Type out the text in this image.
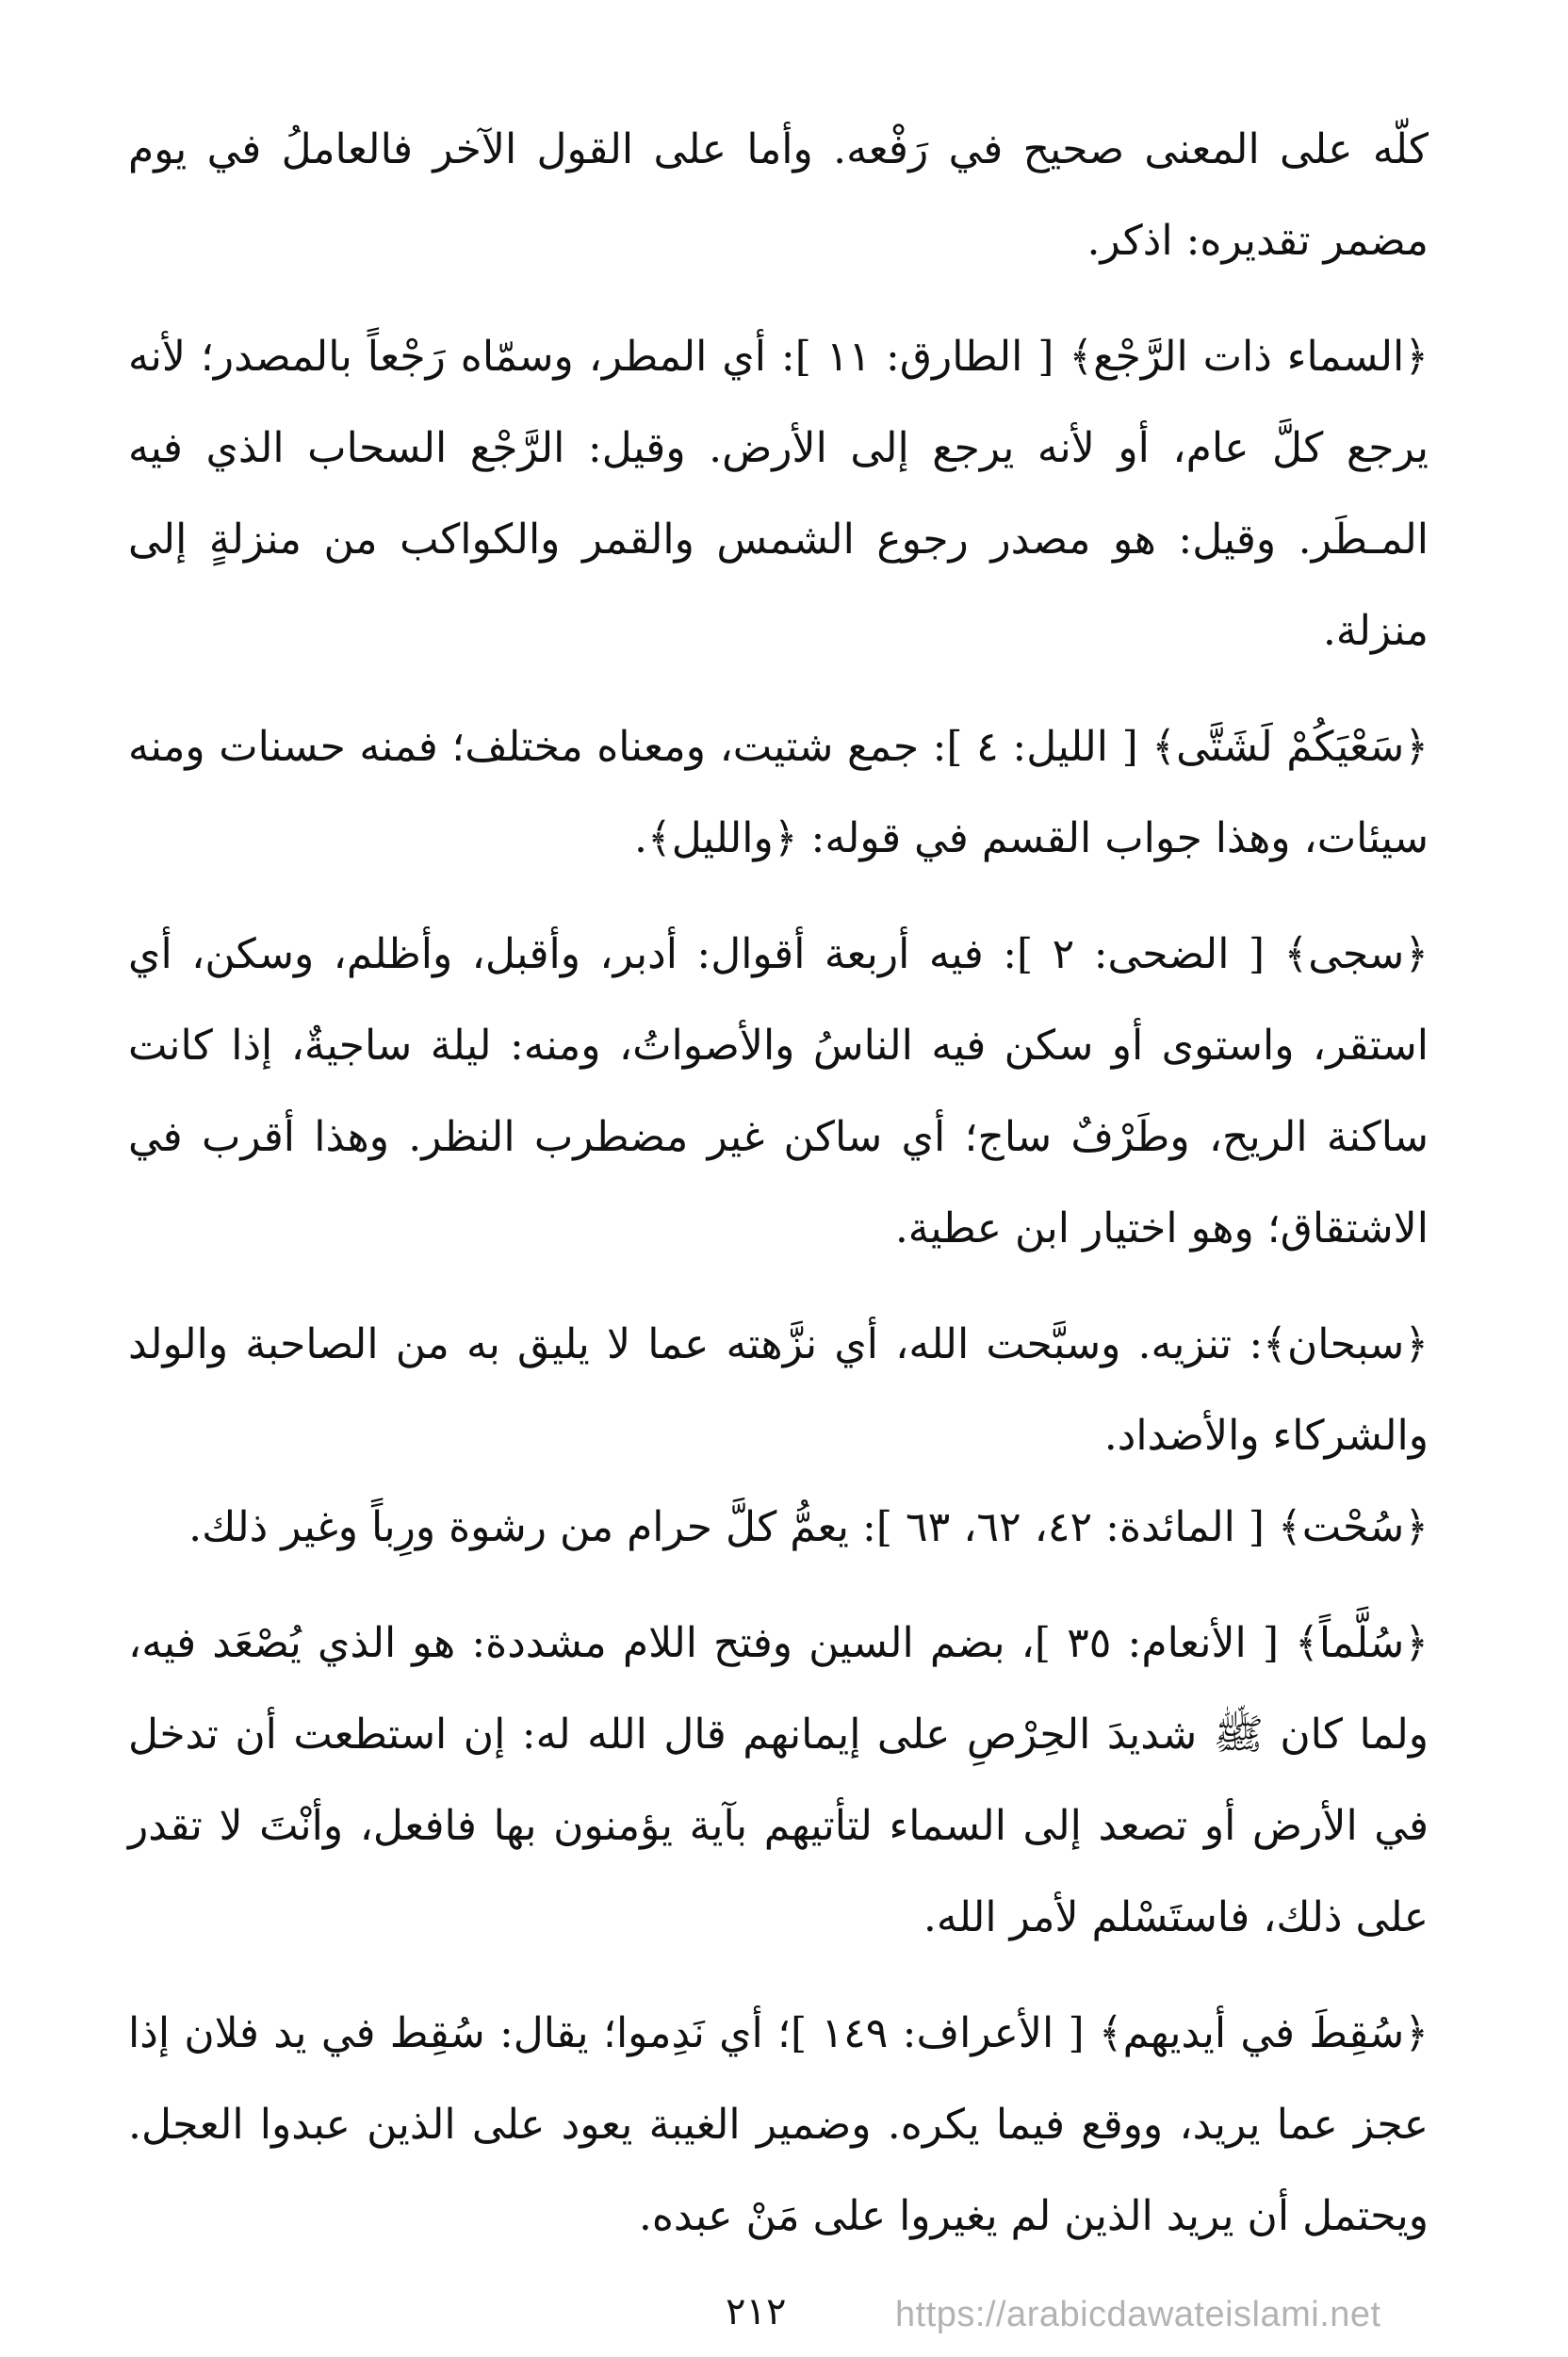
كلّه على المعنى صحيح في رَفْعه. وأما على القول الآخر فالعاملُ في يوم مضمر تقديره: اذكر.

﴿السماء ذات الرَّجْع﴾ [ الطارق: ١١ ]: أي المطر، وسمّاه رَجْعاً بالمصدر؛ لأنه يرجع كلَّ عام، أو لأنه يرجع إلى الأرض. وقيل: الرَّجْع السحاب الذي فيه المـطَر. وقيل: هو مصدر رجوع الشمس والقمر والكواكب من منزلةٍ إلى منزلة.

﴿سَعْيَكُمْ لَشَتَّى﴾ [ الليل: ٤ ]: جمع شتيت، ومعناه مختلف؛ فمنه حسنات ومنه سيئات، وهذا جواب القسم في قوله: ﴿والليل﴾.

﴿سجى﴾ [ الضحى: ٢ ]: فيه أربعة أقوال: أدبر، وأقبل، وأظلم، وسكن، أي استقر، واستوى أو سكن فيه الناسُ والأصواتُ، ومنه: ليلة ساجيةٌ، إذا كانت ساكنة الريح، وطَرْفٌ ساج؛ أي ساكن غير مضطرب النظر. وهذا أقرب في الاشتقاق؛ وهو اختيار ابن عطية.

﴿سبحان﴾: تنزيه. وسبَّحت الله، أي نزَّهته عما لا يليق به من الصاحبة والولد والشركاء والأضداد.

﴿سُحْت﴾ [ المائدة: ٤٢، ٦٢، ٦٣ ]: يعمُّ كلَّ حرام من رشوة ورِباً وغير ذلك.

﴿سُلَّماً﴾ [ الأنعام: ٣٥ ]، بضم السين وفتح اللام مشددة: هو الذي يُصْعَد فيه، ولما كان ﷺ شديدَ الحِرْصِ على إيمانهم قال الله له: إن استطعت أن تدخل في الأرض أو تصعد إلى السماء لتأتيهم بآية يؤمنون بها فافعل، وأنْتَ لا تقدر على ذلك، فاستَسْلم لأمر الله.

﴿سُقِطَ في أيديهم﴾ [ الأعراف: ١٤٩ ]؛ أي نَدِموا؛ يقال: سُقِط في يد فلان إذا عجز عما يريد، ووقع فيما يكره. وضمير الغيبة يعود على الذين عبدوا العجل. ويحتمل أن يريد الذين لم يغيروا على مَنْ عبده.

٢١٢	https://arabicdawateislami.net
